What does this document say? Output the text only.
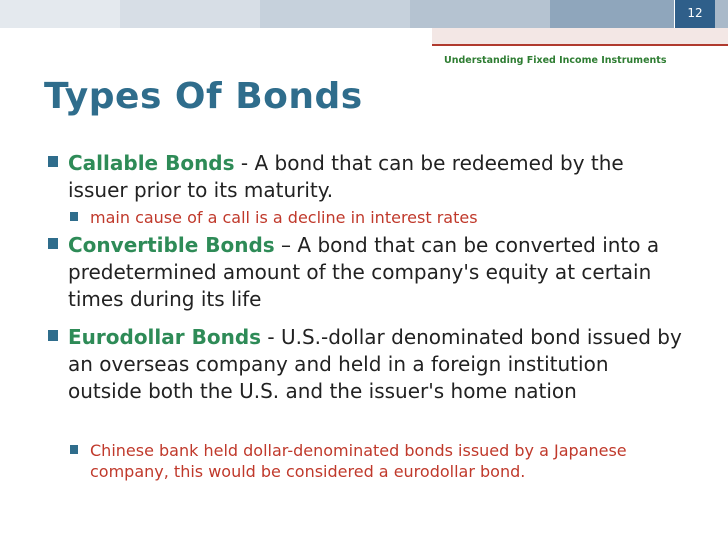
12
Understanding Fixed Income Instruments
Types Of Bonds
Callable Bonds - A bond that can be redeemed by the issuer prior to its maturity.
main cause of a call is a decline in interest rates
Convertible Bonds – A bond that can be converted into a predetermined amount of the company's equity at certain times during its life
Eurodollar Bonds - U.S.-dollar denominated bond issued by an overseas company and held in a foreign institution outside both the U.S. and the issuer's home nation
Chinese bank held dollar-denominated bonds issued by a Japanese company, this would be considered a eurodollar bond.
